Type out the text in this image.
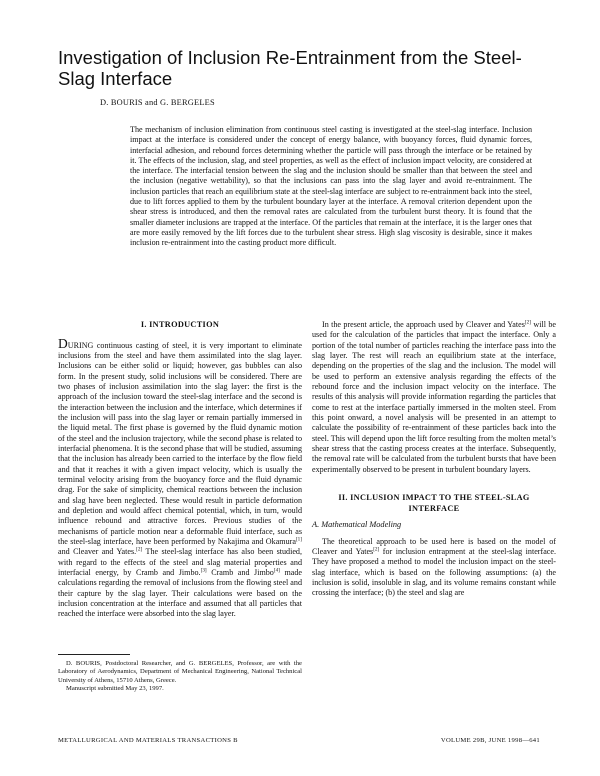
Investigation of Inclusion Re-Entrainment from the Steel-Slag Interface
D. BOURIS and G. BERGELES

The mechanism of inclusion elimination from continuous steel casting is investigated at the steel-slag interface. Inclusion impact at the interface is considered under the concept of energy balance, with buoyancy forces, fluid dynamic forces, interfacial adhesion, and rebound forces determining whether the particle will pass through the interface or be retained by it. The effects of the inclusion, slag, and steel properties, as well as the effect of inclusion impact velocity, are considered at the interface. The interfacial tension between the slag and the inclusion should be smaller than that between the steel and the inclusion (negative wettability), so that the inclusions can pass into the slag layer and avoid re-entrainment. The inclusion particles that reach an equilibrium state at the steel-slag interface are subject to re-entrainment back into the steel, due to lift forces applied to them by the turbulent boundary layer at the interface. A removal criterion dependent upon the shear stress is introduced, and then the removal rates are calculated from the turbulent burst theory. It is found that the smaller diameter inclusions are trapped at the interface. Of the particles that remain at the interface, it is the larger ones that are more easily removed by the lift forces due to the turbulent shear stress. High slag viscosity is desirable, since it makes inclusion re-entrainment into the casting product more difficult.

I. INTRODUCTION

DURING continuous casting of steel, it is very important to eliminate inclusions from the steel and have them assimilated into the slag layer. Inclusions can be either solid or liquid; however, gas bubbles can also form. In the present study, solid inclusions will be considered. There are two phases of inclusion assimilation into the slag layer: the first is the approach of the inclusion toward the steel-slag interface and the second is the interaction between the inclusion and the interface, which determines if the inclusion will pass into the slag layer or remain partially immersed in the liquid metal. The first phase is governed by the fluid dynamic motion of the steel and the inclusion trajectory, while the second phase is related to interfacial phenomena. It is the second phase that will be studied, assuming that the inclusion has already been carried to the interface by the flow field and that it reaches it with a given impact velocity, which is usually the terminal velocity arising from the buoyancy force and the fluid dynamic drag. For the sake of simplicity, chemical reactions between the inclusion and slag have been neglected. These would result in particle deformation and depletion and would affect chemical potential, which, in turn, would influence rebound and attractive forces. Previous studies of the mechanisms of particle motion near a deformable fluid interface, such as the steel-slag interface, have been performed by Nakajima and Okamura[1] and Cleaver and Yates.[2] The steel-slag interface has also been studied, with regard to the effects of the steel and slag material properties and interfacial energy, by Cramb and Jimbo.[3] Cramb and Jimbo[4] made calculations regarding the removal of inclusions from the flowing steel and their capture by the slag layer. Their calculations were based on the inclusion concentration at the interface and assumed that all particles that reached the interface were absorbed into the slag layer.

D. BOURIS, Postdoctoral Researcher, and G. BERGELES, Professor, are with the Laboratory of Aerodynamics, Department of Mechanical Engineering, National Technical University of Athens, 15710 Athens, Greece.

Manuscript submitted May 23, 1997.

In the present article, the approach used by Cleaver and Yates[2] will be used for the calculation of the particles that impact the interface. Only a portion of the total number of particles reaching the interface pass into the slag layer. The rest will reach an equilibrium state at the interface, depending on the properties of the slag and the inclusion. The model will be used to perform an extensive analysis regarding the effects of the rebound force and the inclusion impact velocity on the interface. The results of this analysis will provide information regarding the particles that come to rest at the interface partially immersed in the molten steel. From this point onward, a novel analysis will be presented in an attempt to calculate the possibility of re-entrainment of these particles back into the steel. This will depend upon the lift force resulting from the molten metal’s shear stress that the casting process creates at the interface. Subsequently, the removal rate will be calculated from the turbulent bursts that have been experimentally observed to be present in turbulent boundary layers.

II. INCLUSION IMPACT TO THE STEEL-SLAG INTERFACE
A. Mathematical Modeling

The theoretical approach to be used here is based on the model of Cleaver and Yates[2] for inclusion entrapment at the steel-slag interface. They have proposed a method to model the inclusion impact on the steel-slag interface, which is based on the following assumptions: (a) the inclusion is solid, insoluble in slag, and its volume remains constant while crossing the interface; (b) the steel and slag are

METALLURGICAL AND MATERIALS TRANSACTIONS B	VOLUME 29B, JUNE 1998—641
